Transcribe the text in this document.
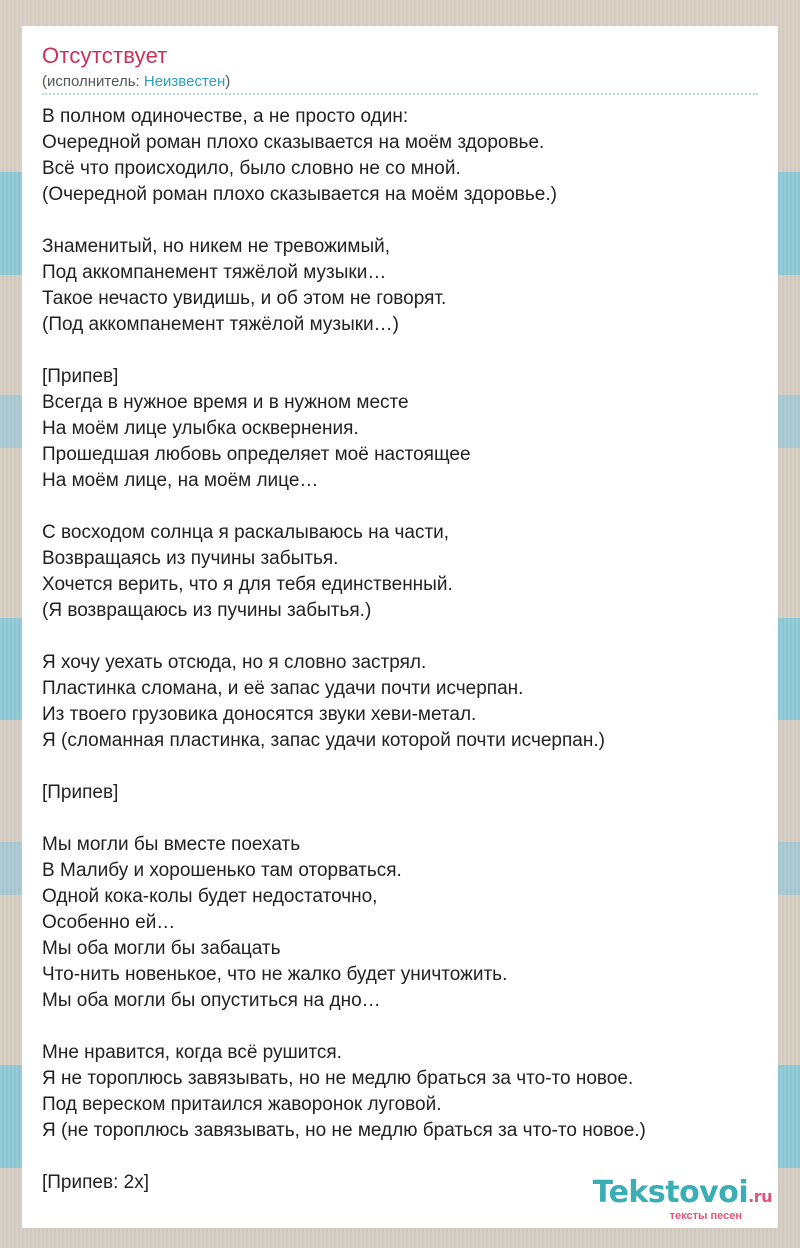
Отсутствует
(исполнитель: Неизвестен)
В полном одиночестве, а не просто один:
Очередной роман плохо сказывается на моём здоровье.
Всё что происходило, было словно не со мной.
(Очередной роман плохо сказывается на моём здоровье.)
Знаменитый, но никем не тревожимый,
Под аккомпанемент тяжёлой музыки…
Такое нечасто увидишь, и об этом не говорят.
(Под аккомпанемент тяжёлой музыки…)
[Припев]
Всегда в нужное время и в нужном месте
На моём лице улыбка осквернения.
Прошедшая любовь определяет моё настоящее
На моём лице, на моём лице…
С восходом солнца я раскалываюсь на части,
Возвращаясь из пучины забытья.
Хочется верить, что я для тебя единственный.
(Я возвращаюсь из пучины забытья.)
Я хочу уехать отсюда, но я словно застрял.
Пластинка сломана, и её запас удачи почти исчерпан.
Из твоего грузовика доносятся звуки хеви-метал.
Я (сломанная пластинка, запас удачи которой почти исчерпан.)
[Припев]
Мы могли бы вместе поехать
В Малибу и хорошенько там оторваться.
Одной кока-колы будет недостаточно,
Особенно ей…
Мы оба могли бы забацать
Что-нить новенькое, что не жалко будет уничтожить.
Мы оба могли бы опуститься на дно…
Мне нравится, когда всё рушится.
Я не тороплюсь завязывать, но не медлю браться за что-то новое.
Под вереском притаился жаворонок луговой.
Я (не тороплюсь завязывать, но не медлю браться за что-то новое.)
[Припев: 2х]	Tekstovoi.ru
тексты песен
